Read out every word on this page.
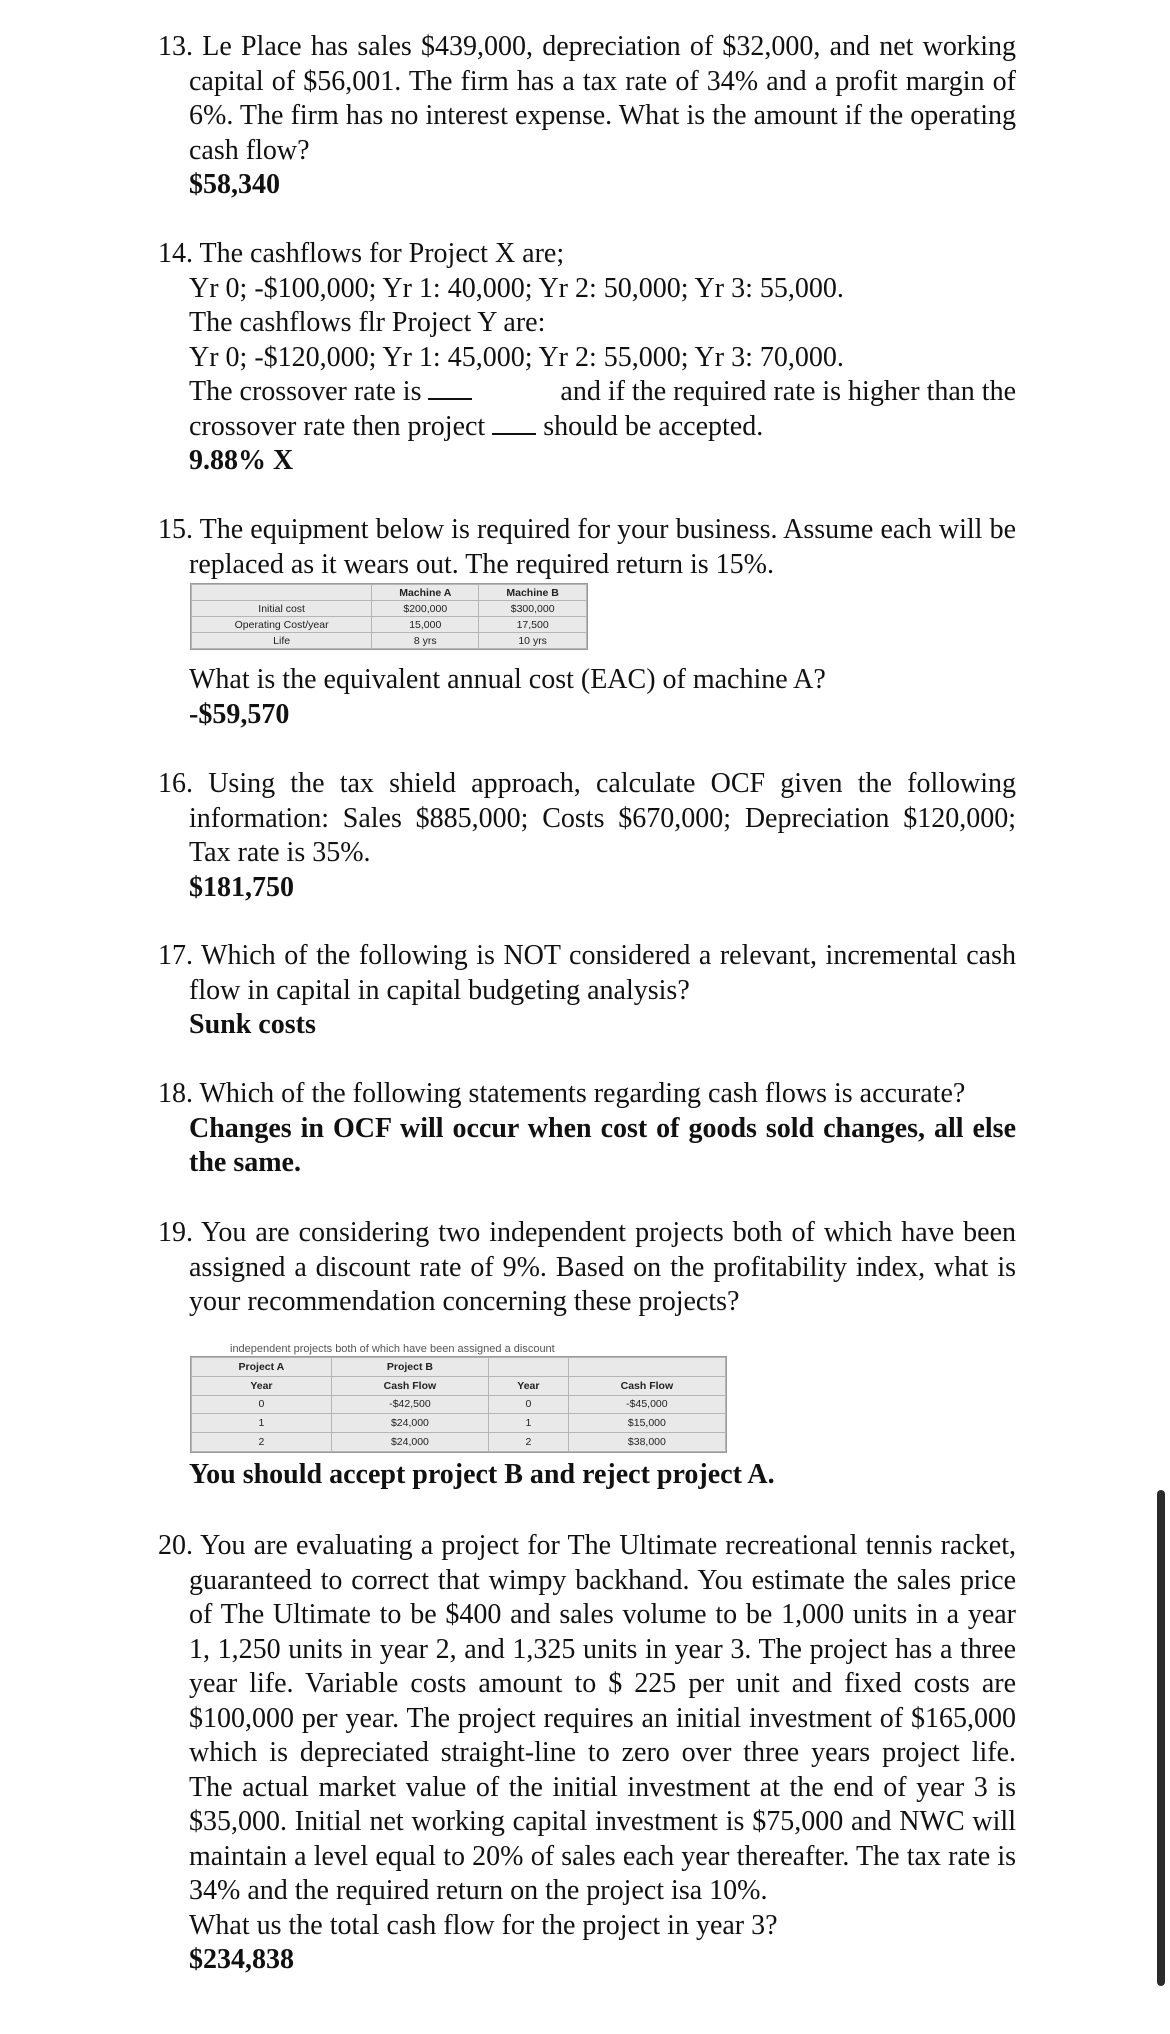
13. Le Place has sales $439,000, depreciation of $32,000, and net working capital of $56,001. The firm has a tax rate of 34% and a profit margin of 6%. The firm has no interest expense. What is the amount if the operating cash flow?
$58,340
14. The cashflows for Project X are;
Yr 0; -$100,000; Yr 1: 40,000; Yr 2: 50,000; Yr 3: 55,000.
The cashflows flr Project Y are:
Yr 0; -$120,000; Yr 1: 45,000; Yr 2: 55,000; Yr 3: 70,000.
The crossover rate is	and if the required rate is higher than the
crossover rate then project should be accepted.
9.88% X
15. The equipment below is required for your business. Assume each will be replaced as it wears out. The required return is 15%.
	Machine A	Machine B
Initial cost	$200,000	$300,000
Operating Cost/year	15,000	17,500
Life	8 yrs	10 yrs
What is the equivalent annual cost (EAC) of machine A?
-$59,570
16. Using the tax shield approach, calculate OCF given the following information: Sales $885,000; Costs $670,000; Depreciation $120,000; Tax rate is 35%.
$181,750
17. Which of the following is NOT considered a relevant, incremental cash flow in capital in capital budgeting analysis?
Sunk costs
18. Which of the following statements regarding cash flows is accurate?
Changes in OCF will occur when cost of goods sold changes, all else the same.
19. You are considering two independent projects both of which have been assigned a discount rate of 9%. Based on the profitability index, what is your recommendation concerning these projects?
independent projects both of which have been assigned a discount
Project A	Project B		
Year	Cash Flow	Year	Cash Flow
0	-$42,500	0	-$45,000
1	$24,000	1	$15,000
2	$24,000	2	$38,000
You should accept project B and reject project A.
20. You are evaluating a project for The Ultimate recreational tennis racket, guaranteed to correct that wimpy backhand. You estimate the sales price of The Ultimate to be $400 and sales volume to be 1,000 units in a year 1, 1,250 units in year 2, and 1,325 units in year 3. The project has a three year life. Variable costs amount to $ 225 per unit and fixed costs are $100,000 per year. The project requires an initial investment of $165,000 which is depreciated straight-line to zero over three years project life. The actual market value of the initial investment at the end of year 3 is $35,000. Initial net working capital investment is $75,000 and NWC will maintain a level equal to 20% of sales each year thereafter. The tax rate is 34% and the required return on the project isa 10%.
What us the total cash flow for the project in year 3?
$234,838
